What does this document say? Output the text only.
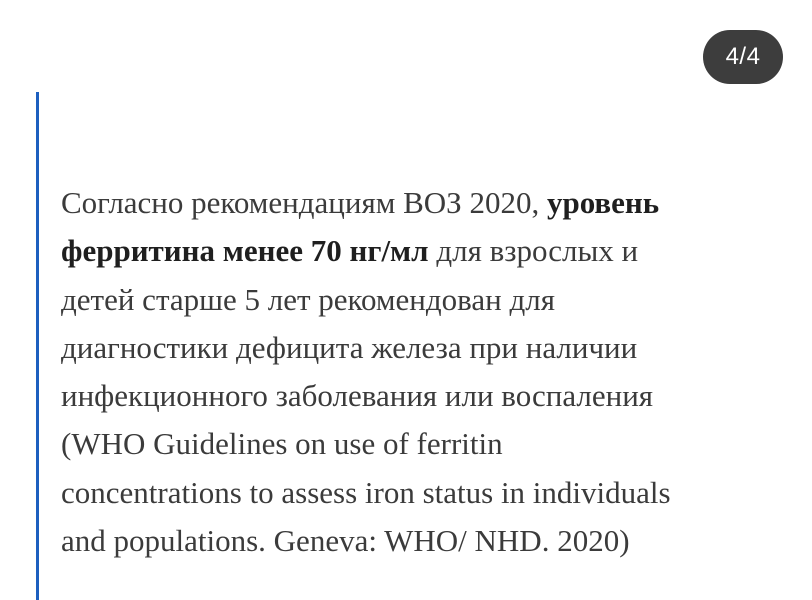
4/4

Согласно рекомендациям ВОЗ 2020, уровень
ферритина менее 70 нг/мл для взрослых и
детей старше 5 лет рекомендован для
диагностики дефицита железа при наличии
инфекционного заболевания или воспаления
(WHO Guidelines on use of ferritin
concentrations to assess iron status in individuals
and populations. Geneva: WHO/ NHD. 2020)
